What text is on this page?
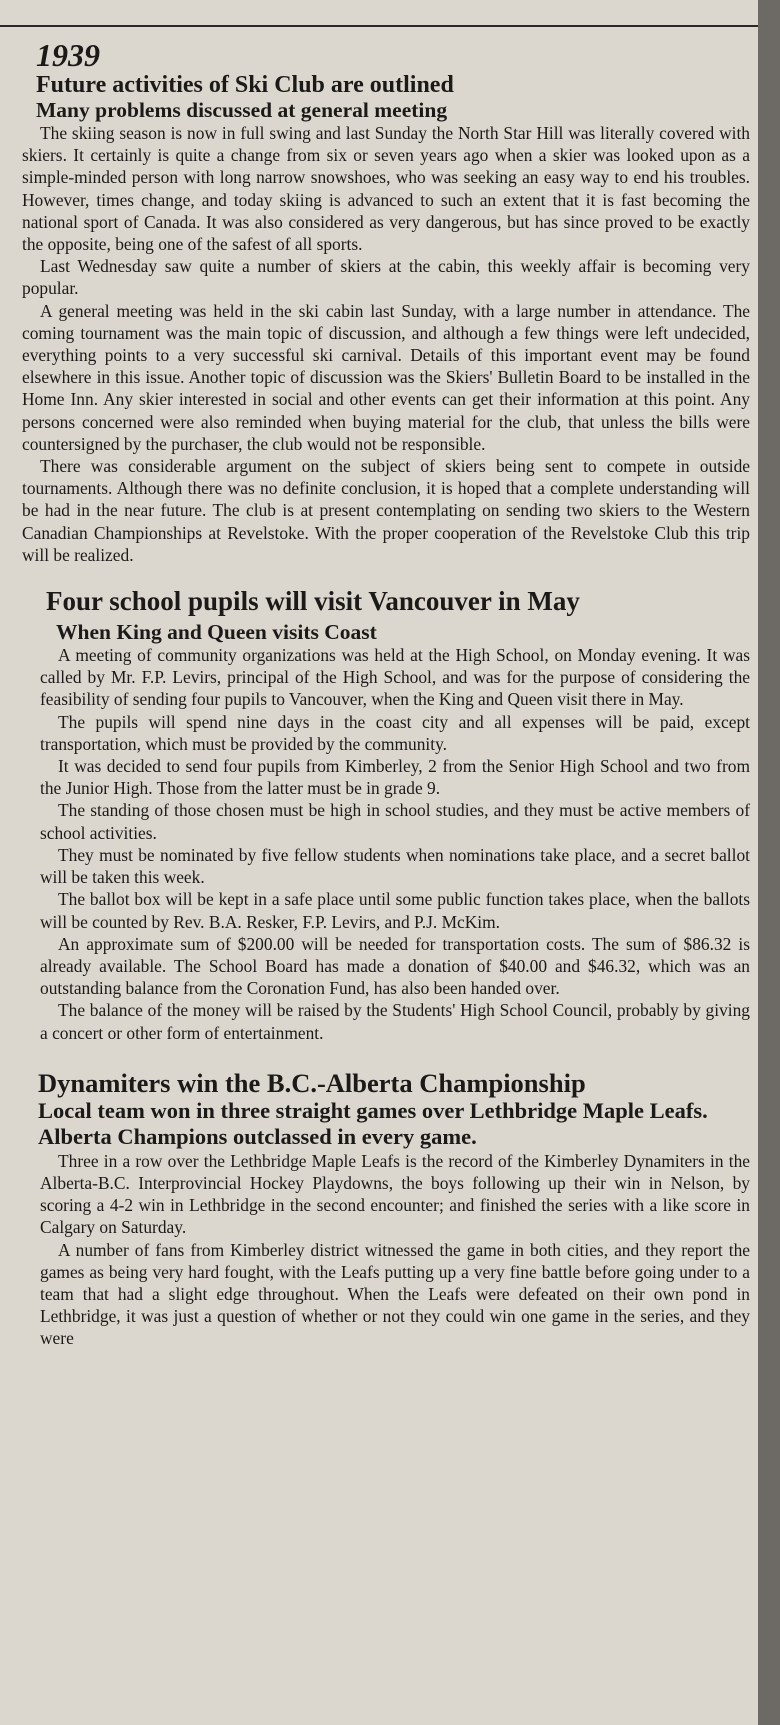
1939
Future activities of Ski Club are outlined
Many problems discussed at general meeting

The skiing season is now in full swing and last Sunday the North Star Hill was literally covered with skiers. It certainly is quite a change from six or seven years ago when a skier was looked upon as a simple-minded person with long narrow snowshoes, who was seeking an easy way to end his troubles. However, times change, and today skiing is advanced to such an extent that it is fast becoming the national sport of Canada. It was also considered as very dangerous, but has since proved to be exactly the opposite, being one of the safest of all sports.

Last Wednesday saw quite a number of skiers at the cabin, this weekly affair is becoming very popular.

A general meeting was held in the ski cabin last Sunday, with a large number in attendance. The coming tournament was the main topic of discussion, and although a few things were left undecided, everything points to a very successful ski carnival. Details of this important event may be found elsewhere in this issue. Another topic of discussion was the Skiers' Bulletin Board to be installed in the Home Inn. Any skier interested in social and other events can get their information at this point. Any persons concerned were also reminded when buying material for the club, that unless the bills were countersigned by the purchaser, the club would not be responsible.

There was considerable argument on the subject of skiers being sent to compete in outside tournaments. Although there was no definite conclusion, it is hoped that a complete understanding will be had in the near future. The club is at present contemplating on sending two skiers to the Western Canadian Championships at Revelstoke. With the proper cooperation of the Revelstoke Club this trip will be realized.

Four school pupils will visit Vancouver in May
When King and Queen visits Coast

A meeting of community organizations was held at the High School, on Monday evening. It was called by Mr. F.P. Levirs, principal of the High School, and was for the purpose of considering the feasibility of sending four pupils to Vancouver, when the King and Queen visit there in May.

The pupils will spend nine days in the coast city and all expenses will be paid, except transportation, which must be provided by the community.

It was decided to send four pupils from Kimberley, 2 from the Senior High School and two from the Junior High. Those from the latter must be in grade 9.

The standing of those chosen must be high in school studies, and they must be active members of school activities.

They must be nominated by five fellow students when nominations take place, and a secret ballot will be taken this week.

The ballot box will be kept in a safe place until some public function takes place, when the ballots will be counted by Rev. B.A. Resker, F.P. Levirs, and P.J. McKim.

An approximate sum of $200.00 will be needed for transportation costs. The sum of $86.32 is already available. The School Board has made a donation of $40.00 and $46.32, which was an outstanding balance from the Coronation Fund, has also been handed over.

The balance of the money will be raised by the Students' High School Council, probably by giving a concert or other form of entertainment.

Dynamiters win the B.C.-Alberta Championship
Local team won in three straight games over Lethbridge Maple Leafs. Alberta Champions outclassed in every game.

Three in a row over the Lethbridge Maple Leafs is the record of the Kimberley Dynamiters in the Alberta-B.C. Interprovincial Hockey Playdowns, the boys following up their win in Nelson, by scoring a 4-2 win in Lethbridge in the second encounter; and finished the series with a like score in Calgary on Saturday.

A number of fans from Kimberley district witnessed the game in both cities, and they report the games as being very hard fought, with the Leafs putting up a very fine battle before going under to a team that had a slight edge throughout. When the Leafs were defeated on their own pond in Lethbridge, it was just a question of whether or not they could win one game in the series, and they were
